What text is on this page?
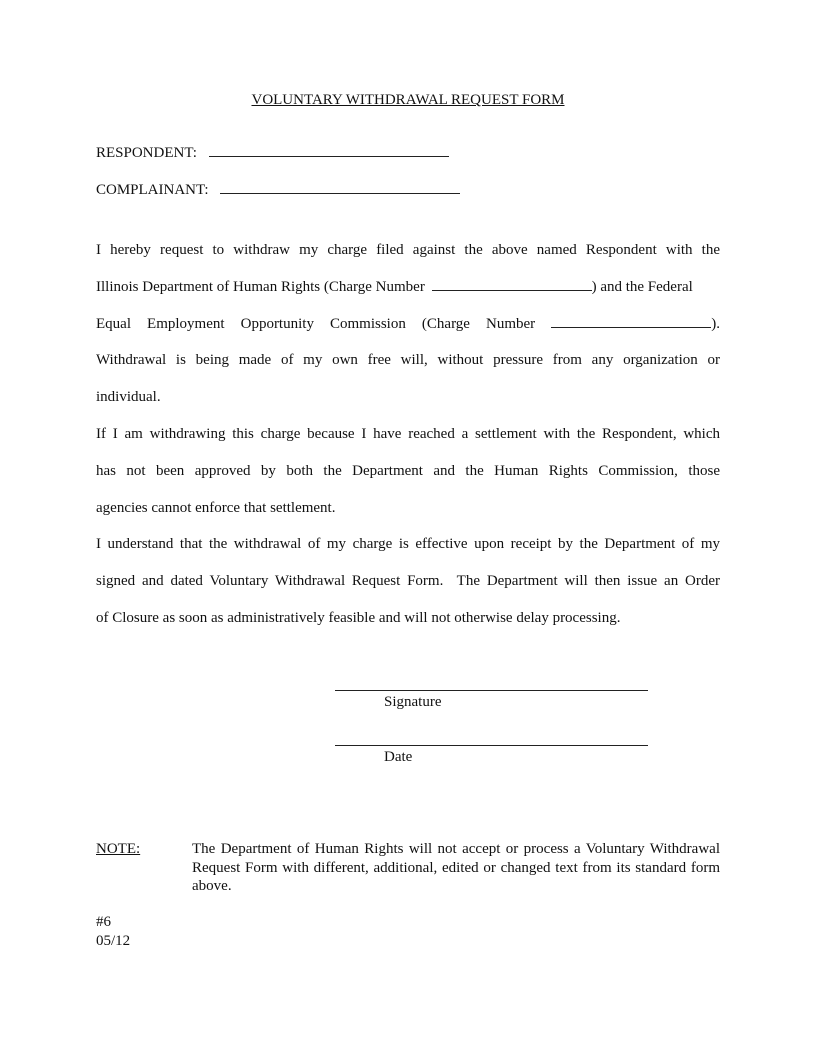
VOLUNTARY WITHDRAWAL REQUEST FORM
RESPONDENT:
COMPLAINANT:
I hereby request to withdraw my charge filed against the above named Respondent with the
Illinois Department of Human Rights (Charge Number	) and the Federal
Equal Employment Opportunity Commission (Charge Number	).
Withdrawal is being made of my own free will, without pressure from any organization or
individual.
If I am withdrawing this charge because I have reached a settlement with the Respondent, which
has not been approved by both the Department and the Human Rights Commission, those
agencies cannot enforce that settlement.
I understand that the withdrawal of my charge is effective upon receipt by the Department of my
signed and dated Voluntary Withdrawal Request Form.  The Department will then issue an Order
of Closure as soon as administratively feasible and will not otherwise delay processing.
Signature
Date
NOTE:	The Department of Human Rights will not accept or process a Voluntary Withdrawal Request Form with different, additional, edited or changed text from its standard form above.

#6
05/12
